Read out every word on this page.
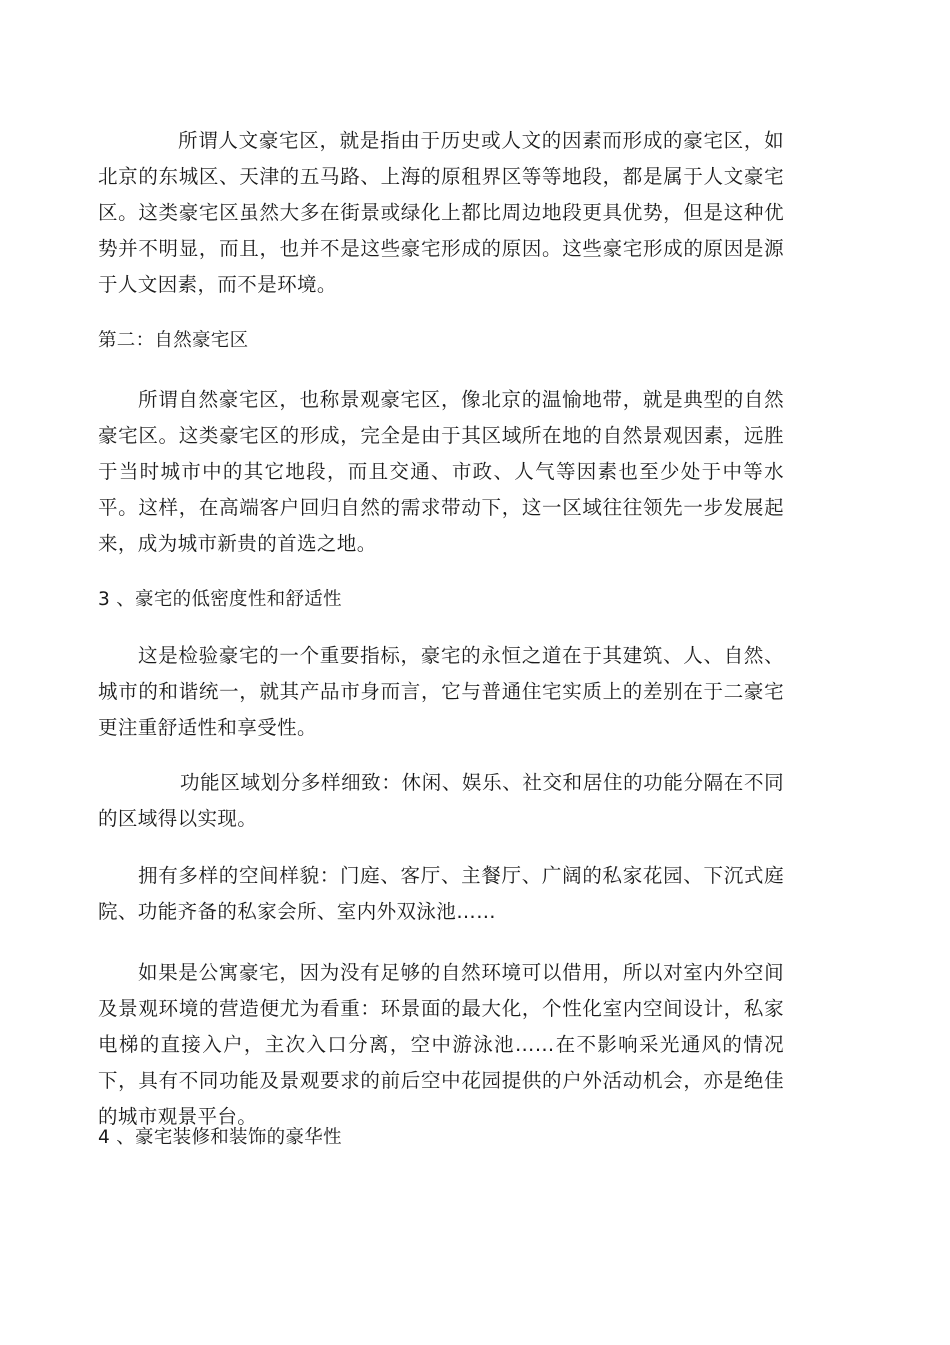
所谓人文豪宅区，就是指由于历史或人文的因素而形成的豪宅区，如北京的东城区、天津的五马路、上海的原租界区等等地段，都是属于人文豪宅区。这类豪宅区虽然大多在街景或绿化上都比周边地段更具优势，但是这种优势并不明显，而且，也并不是这些豪宅形成的原因。这些豪宅形成的原因是源于人文因素，而不是环境。

第二：自然豪宅区

所谓自然豪宅区，也称景观豪宅区，像北京的温愉地带，就是典型的自然豪宅区。这类豪宅区的形成，完全是由于其区域所在地的自然景观因素，远胜于当时城市中的其它地段，而且交通、市政、人气等因素也至少处于中等水平。这样，在高端客户回归自然的需求带动下，这一区域往往领先一步发展起来，成为城市新贵的首选之地。

3 、豪宅的低密度性和舒适性

这是检验豪宅的一个重要指标，豪宅的永恒之道在于其建筑、人、自然、城市的和谐统一，就其产品市身而言，它与普通住宅实质上的差别在于二豪宅更注重舒适性和享受性。

功能区域划分多样细致：休闲、娱乐、社交和居住的功能分隔在不同的区域得以实现。

拥有多样的空间样貌：门庭、客厅、主餐厅、广阔的私家花园、下沉式庭院、功能齐备的私家会所、室内外双泳池……

如果是公寓豪宅，因为没有足够的自然环境可以借用，所以对室内外空间及景观环境的营造便尤为看重：环景面的最大化，个性化室内空间设计，私家电梯的直接入户，主次入口分离，空中游泳池……在不影响采光通风的情况下，具有不同功能及景观要求的前后空中花园提供的户外活动机会，亦是绝佳的城市观景平台。

4 、豪宅装修和装饰的豪华性
